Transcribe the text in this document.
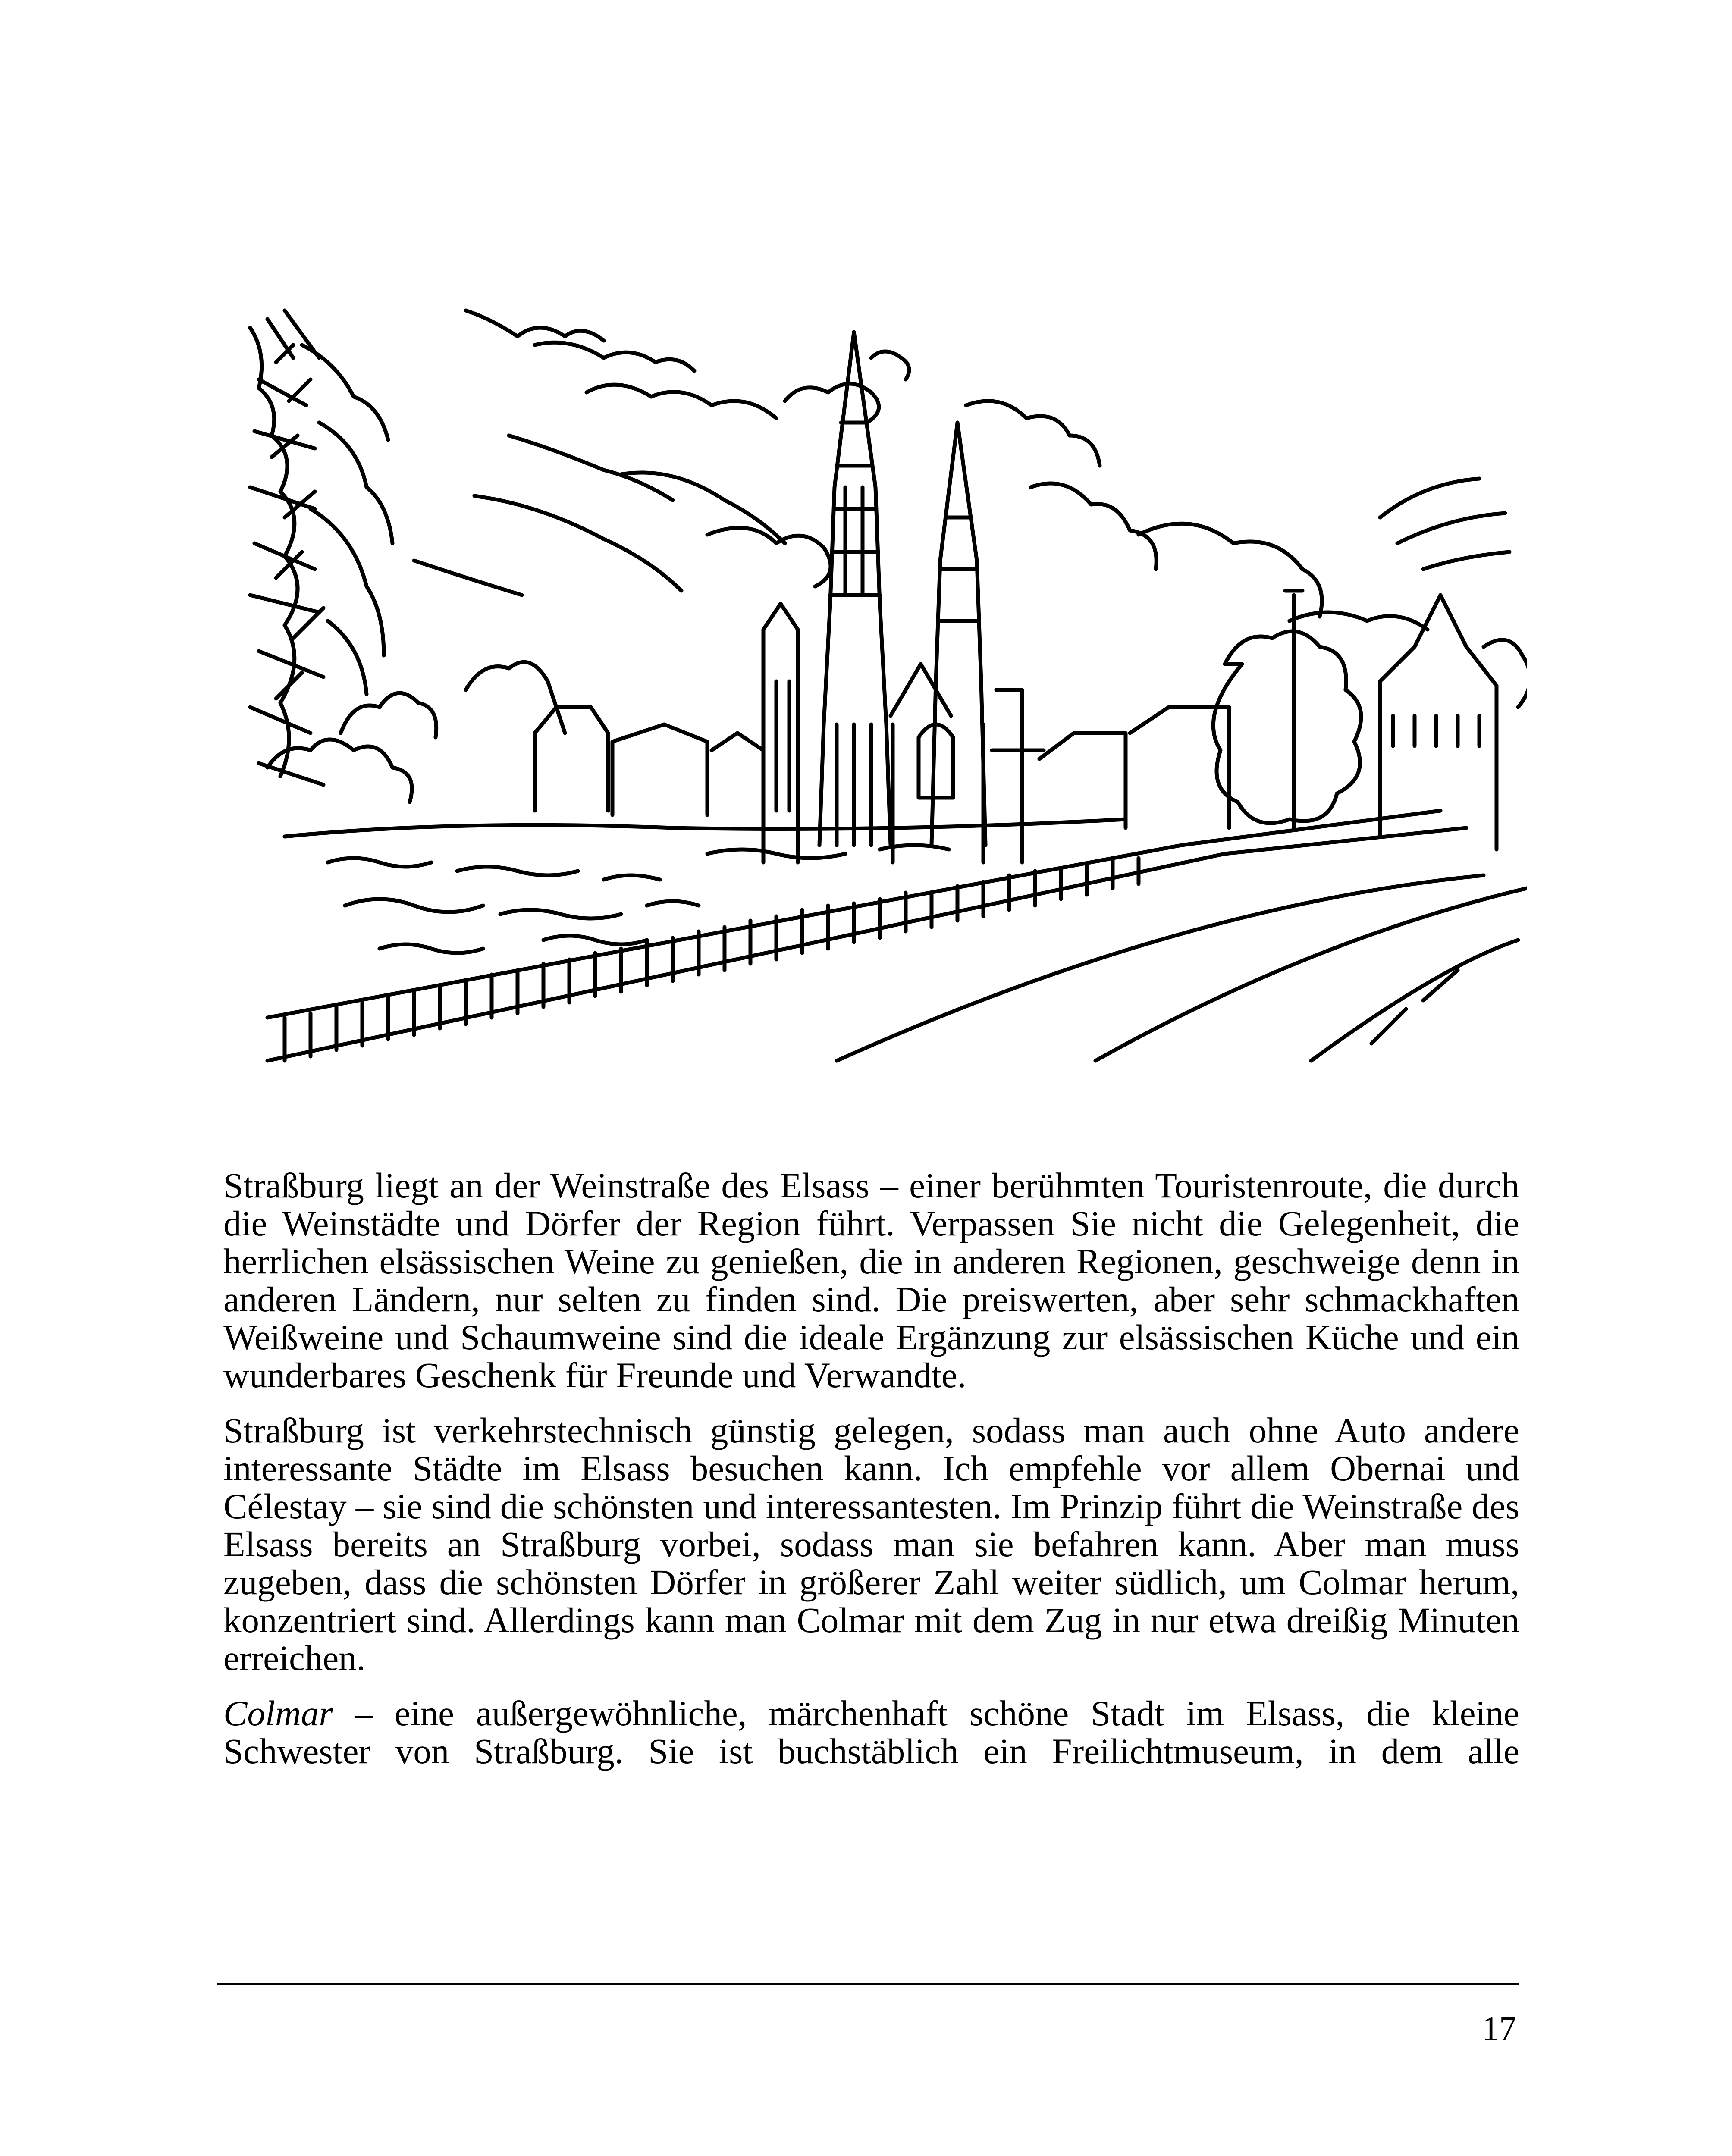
Straßburg liegt an der Weinstraße des Elsass – einer berühmten Touristenroute, die durch die Weinstädte und Dörfer der Region führt. Verpassen Sie nicht die Gelegenheit, die herrlichen elsässischen Weine zu genießen, die in anderen Regionen, geschweige denn in anderen Ländern, nur selten zu finden sind. Die preiswerten, aber sehr schmackhaften Weißweine und Schaumweine sind die ideale Ergänzung zur elsässischen Küche und ein wunderbares Geschenk für Freunde und Verwandte.

Straßburg ist verkehrstechnisch günstig gelegen, sodass man auch ohne Auto andere interessante Städte im Elsass besuchen kann. Ich empfehle vor allem Obernai und Célestay – sie sind die schönsten und interessantesten. Im Prinzip führt die Weinstraße des Elsass bereits an Straßburg vorbei, sodass man sie befahren kann. Aber man muss zugeben, dass die schönsten Dörfer in größerer Zahl weiter südlich, um Colmar herum, konzentriert sind. Allerdings kann man Colmar mit dem Zug in nur etwa dreißig Minuten erreichen.

Colmar – eine außergewöhnliche, märchenhaft schöne Stadt im Elsass, die kleine Schwester von Straßburg. Sie ist buchstäblich ein Freilichtmuseum, in dem alle

17
